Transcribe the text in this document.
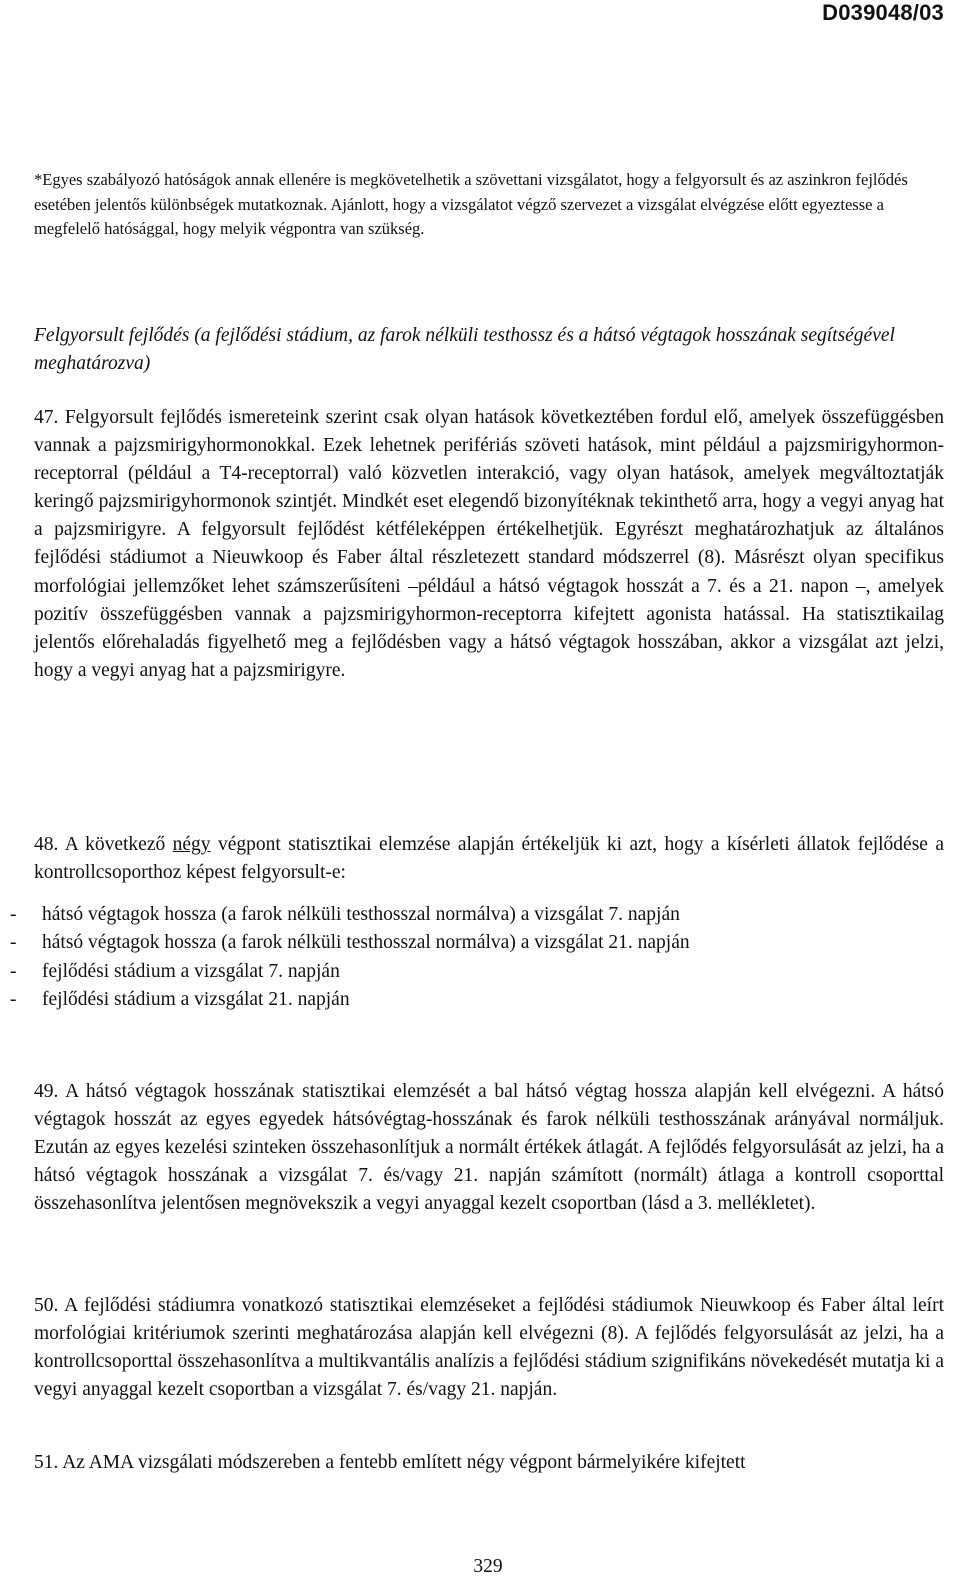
D039048/03
*Egyes szabályozó hatóságok annak ellenére is megkövetelhetik a szövettani vizsgálatot, hogy a felgyorsult és az aszinkron fejlődés esetében jelentős különbségek mutatkoznak. Ajánlott, hogy a vizsgálatot végző szervezet a vizsgálat elvégzése előtt egyeztesse a megfelelő hatósággal, hogy melyik végpontra van szükség.
Felgyorsult fejlődés (a fejlődési stádium, az farok nélküli testhossz és a hátsó végtagok hosszának segítségével meghatározva)
47. Felgyorsult fejlődés ismereteink szerint csak olyan hatások következtében fordul elő, amelyek összefüggésben vannak a pajzsmirigyhormonokkal. Ezek lehetnek perifériás szöveti hatások, mint például a pajzsmirigyhormon-receptorral (például a T4-receptorral) való közvetlen interakció, vagy olyan hatások, amelyek megváltoztatják keringő pajzsmirigyhormonok szintjét. Mindkét eset elegendő bizonyítéknak tekinthető arra, hogy a vegyi anyag hat a pajzsmirigyre. A felgyorsult fejlődést kétféleképpen értékelhetjük. Egyrészt meghatározhatjuk az általános fejlődési stádiumot a Nieuwkoop és Faber által részletezett standard módszerrel (8). Másrészt olyan specifikus morfológiai jellemzőket lehet számszerűsíteni –például a hátsó végtagok hosszát a 7. és a 21. napon –, amelyek pozitív összefüggésben vannak a pajzsmirigyhormon-receptorra kifejtett agonista hatással. Ha statisztikailag jelentős előrehaladás figyelhető meg a fejlődésben vagy a hátsó végtagok hosszában, akkor a vizsgálat azt jelzi, hogy a vegyi anyag hat a pajzsmirigyre.
48. A következő négy végpont statisztikai elemzése alapján értékeljük ki azt, hogy a kísérleti állatok fejlődése a kontrollcsoporthoz képest felgyorsult-e:
- hátsó végtagok hossza (a farok nélküli testhosszal normálva) a vizsgálat 7. napján
- hátsó végtagok hossza (a farok nélküli testhosszal normálva) a vizsgálat 21. napján
- fejlődési stádium a vizsgálat 7. napján
- fejlődési stádium a vizsgálat 21. napján
49. A hátsó végtagok hosszának statisztikai elemzését a bal hátsó végtag hossza alapján kell elvégezni. A hátsó végtagok hosszát az egyes egyedek hátsóvégtag-hosszának és farok nélküli testhosszának arányával normáljuk. Ezután az egyes kezelési szinteken összehasonlítjuk a normált értékek átlagát. A fejlődés felgyorsulását az jelzi, ha a hátsó végtagok hosszának a vizsgálat 7. és/vagy 21. napján számított (normált) átlaga a kontroll csoporttal összehasonlítva jelentősen megnövekszik a vegyi anyaggal kezelt csoportban (lásd a 3. mellékletet).
50. A fejlődési stádiumra vonatkozó statisztikai elemzéseket a fejlődési stádiumok Nieuwkoop és Faber által leírt morfológiai kritériumok szerinti meghatározása alapján kell elvégezni (8). A fejlődés felgyorsulását az jelzi, ha a kontrollcsoporttal összehasonlítva a multikvantális analízis a fejlődési stádium szignifikáns növekedését mutatja ki a vegyi anyaggal kezelt csoportban a vizsgálat 7. és/vagy 21. napján.
51. Az AMA vizsgálati módszereben a fentebb említett négy végpont bármelyikére kifejtett
329
